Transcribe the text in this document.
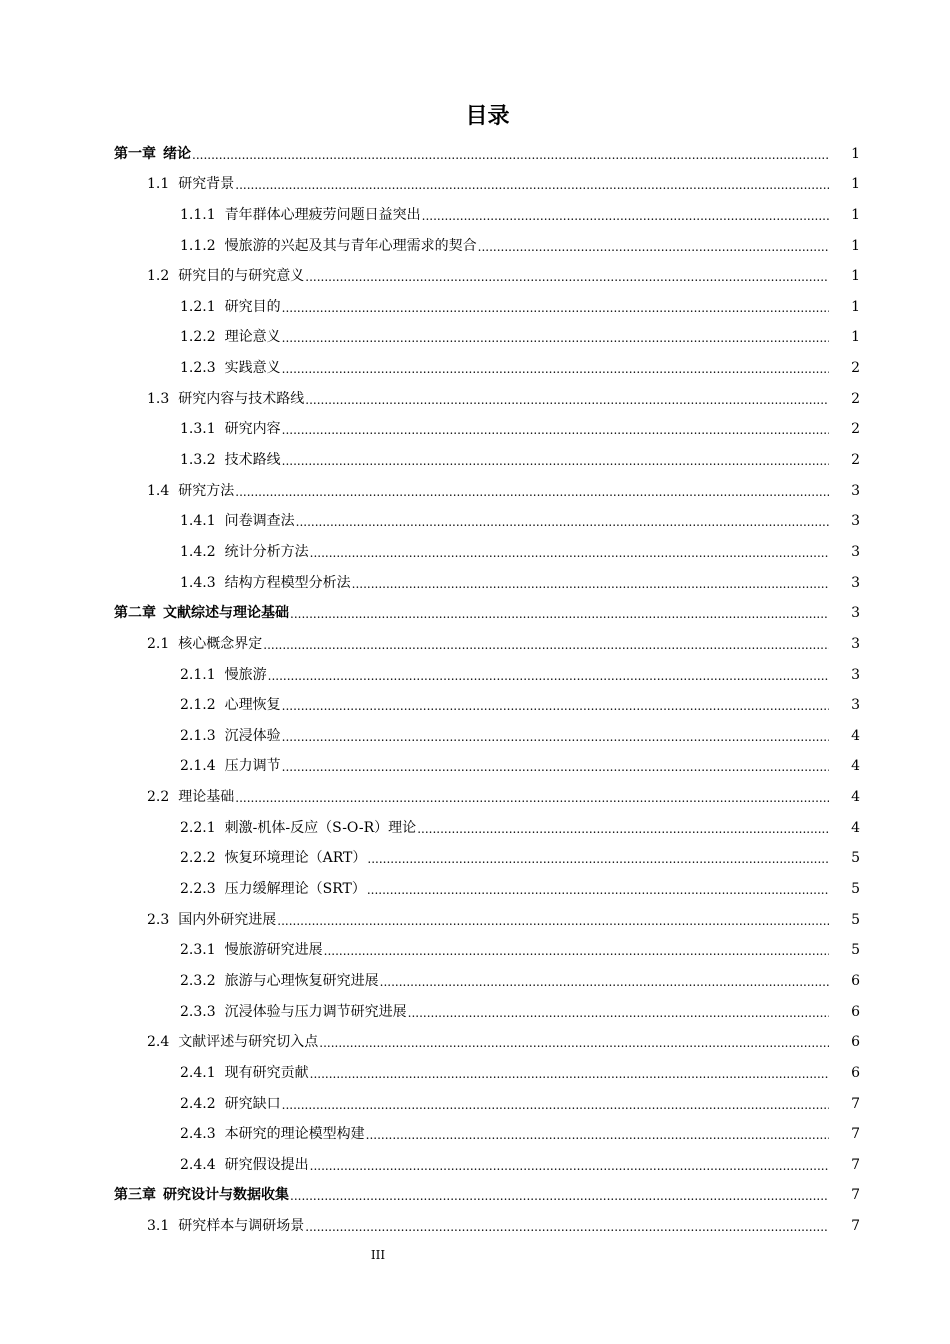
目录
第一章 绪论 .....	1
1.1 研究背景 .....	1
1.1.1 青年群体心理疲劳问题日益突出 .....	1
1.1.2 慢旅游的兴起及其与青年心理需求的契合 .....	1
1.2 研究目的与研究意义 .....	1
1.2.1 研究目的 .....	1
1.2.2 理论意义 .....	1
1.2.3 实践意义 .....	2
1.3 研究内容与技术路线 .....	2
1.3.1 研究内容 .....	2
1.3.2 技术路线 .....	2
1.4 研究方法 .....	3
1.4.1 问卷调查法 .....	3
1.4.2 统计分析方法 .....	3
1.4.3 结构方程模型分析法 .....	3
第二章 文献综述与理论基础 .....	3
2.1 核心概念界定 .....	3
2.1.1 慢旅游 .....	3
2.1.2 心理恢复 .....	3
2.1.3 沉浸体验 .....	4
2.1.4 压力调节 .....	4
2.2 理论基础 .....	4
2.2.1 刺激-机体-反应（S-O-R）理论 .....	4
2.2.2 恢复环境理论（ART） .....	5
2.2.3 压力缓解理论（SRT） .....	5
2.3 国内外研究进展 .....	5
2.3.1 慢旅游研究进展 .....	5
2.3.2 旅游与心理恢复研究进展 .....	6
2.3.3 沉浸体验与压力调节研究进展 .....	6
2.4 文献评述与研究切入点 .....	6
2.4.1 现有研究贡献 .....	6
2.4.2 研究缺口 .....	7
2.4.3 本研究的理论模型构建 .....	7
2.4.4 研究假设提出 .....	7
第三章 研究设计与数据收集 .....	7
3.1 研究样本与调研场景 .....	7
III
